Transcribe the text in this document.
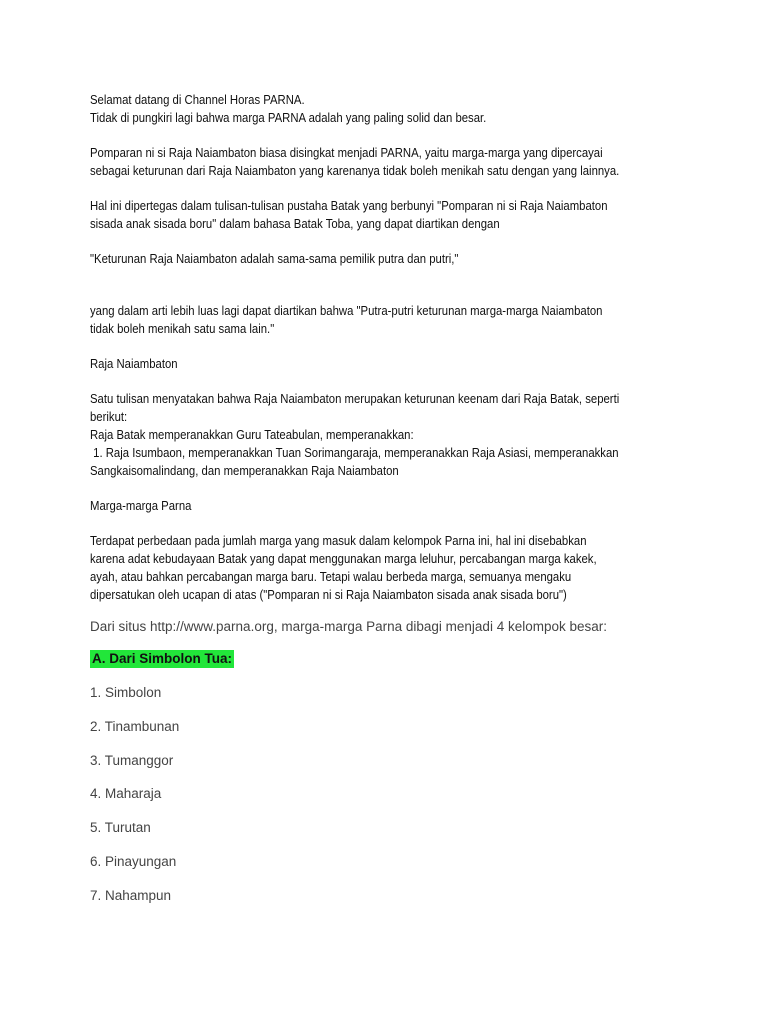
Selamat datang di Channel Horas PARNA.

Tidak di pungkiri lagi bahwa marga PARNA adalah yang paling solid dan besar.

Pomparan ni si Raja Naiambaton biasa disingkat menjadi PARNA, yaitu marga-marga yang dipercayai

sebagai keturunan dari Raja Naiambaton yang karenanya tidak boleh menikah satu dengan yang lainnya.

Hal ini dipertegas dalam tulisan-tulisan pustaha Batak yang berbunyi "Pomparan ni si Raja Naiambaton

sisada anak sisada boru" dalam bahasa Batak Toba, yang dapat diartikan dengan

"Keturunan Raja Naiambaton adalah sama-sama pemilik putra dan putri,"

yang dalam arti lebih luas lagi dapat diartikan bahwa "Putra-putri keturunan marga-marga Naiambaton

tidak boleh menikah satu sama lain."

Raja Naiambaton

Satu tulisan menyatakan bahwa Raja Naiambaton merupakan keturunan keenam dari Raja Batak, seperti

berikut:

Raja Batak memperanakkan Guru Tateabulan, memperanakkan:

1. Raja Isumbaon, memperanakkan Tuan Sorimangaraja, memperanakkan Raja Asiasi, memperanakkan

Sangkaisomalindang, dan memperanakkan Raja Naiambaton

Marga-marga Parna

Terdapat perbedaan pada jumlah marga yang masuk dalam kelompok Parna ini, hal ini disebabkan

karena adat kebudayaan Batak yang dapat menggunakan marga leluhur, percabangan marga kakek,

ayah, atau bahkan percabangan marga baru. Tetapi walau berbeda marga, semuanya mengaku

dipersatukan oleh ucapan di atas ("Pomparan ni si Raja Naiambaton sisada anak sisada boru")

Dari situs http://www.parna.org, marga-marga Parna dibagi menjadi 4 kelompok besar:

A. Dari Simbolon Tua:

1. Simbolon

2. Tinambunan

3. Tumanggor

4. Maharaja

5. Turutan

6. Pinayungan

7. Nahampun
